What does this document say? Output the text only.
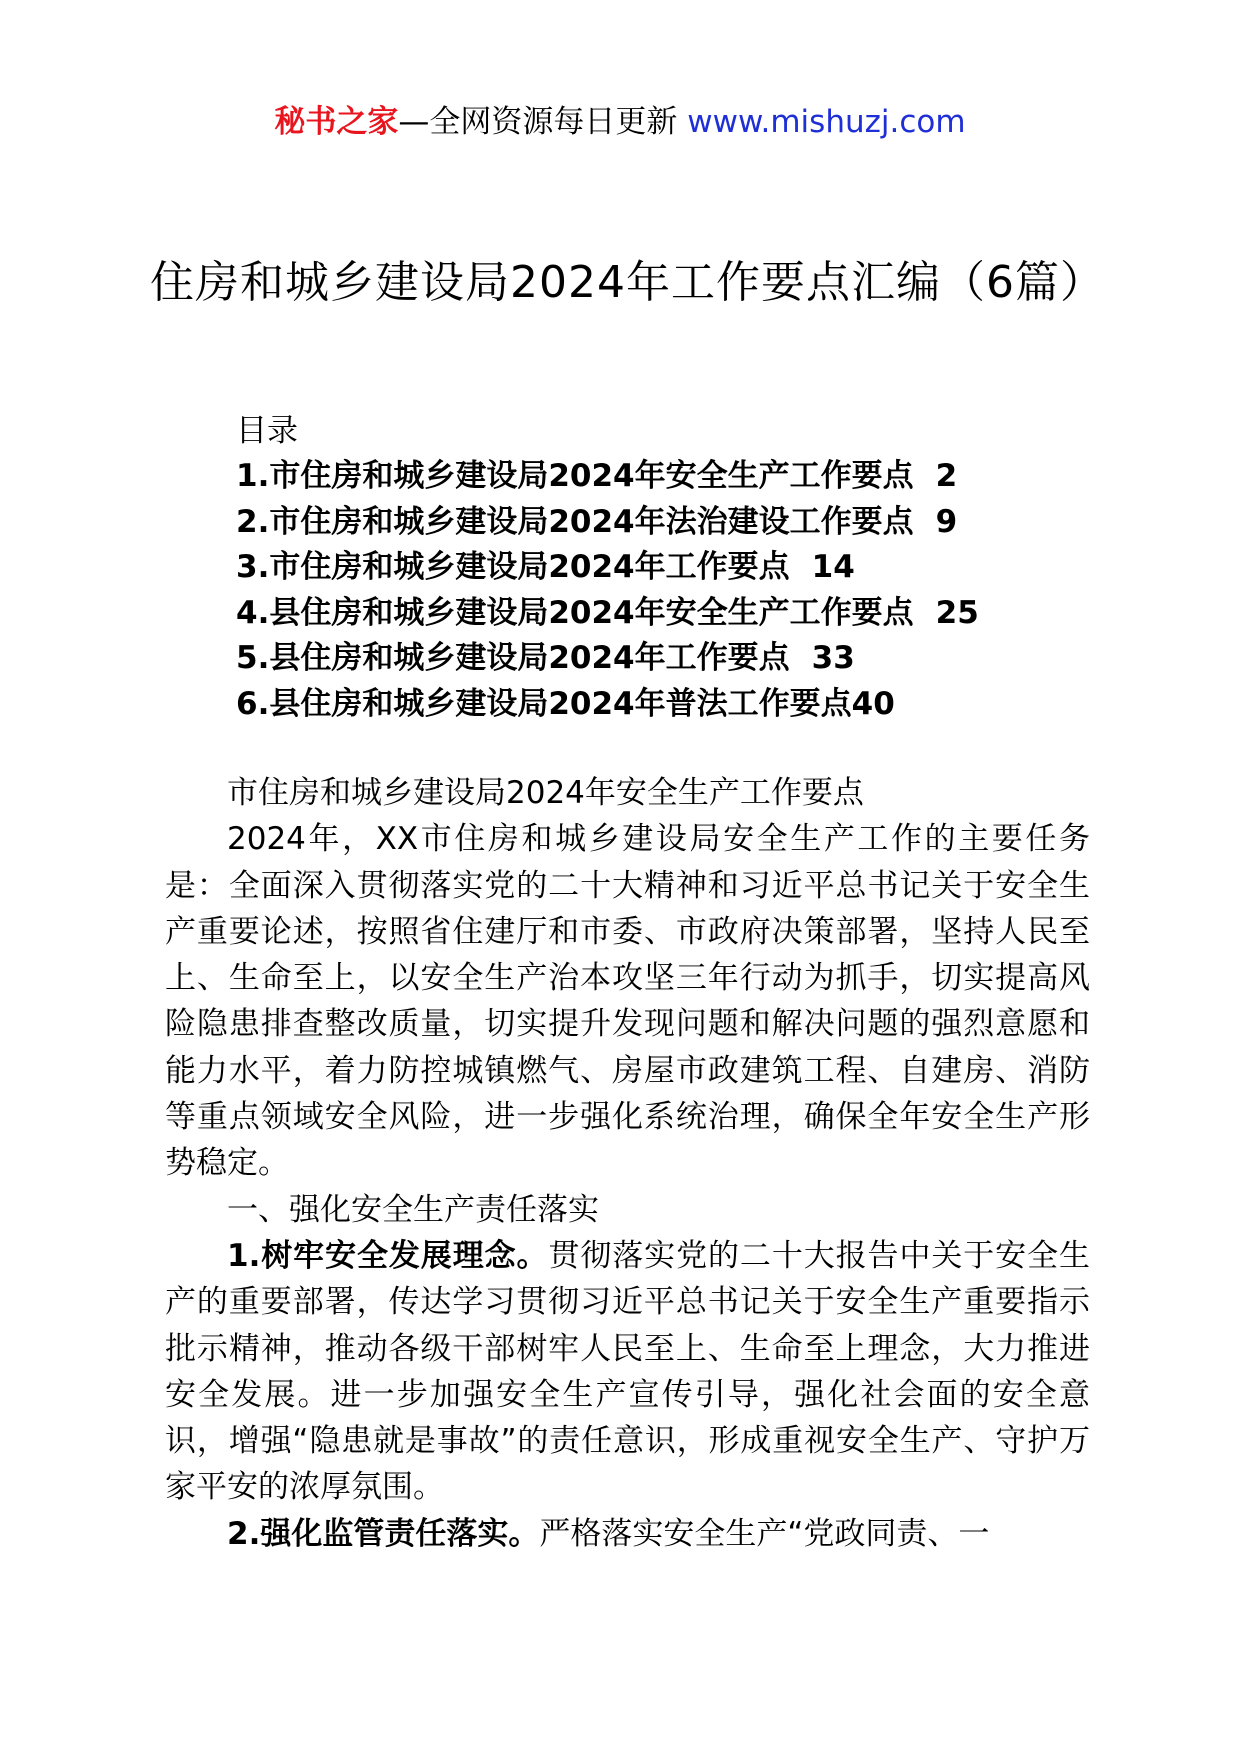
秘书之家—全网资源每日更新 www.mishuzj.com
住房和城乡建设局2024年工作要点汇编（6篇）
目录
1.市住房和城乡建设局2024年安全生产工作要点 2
2.市住房和城乡建设局2024年法治建设工作要点 9
3.市住房和城乡建设局2024年工作要点 14
4.县住房和城乡建设局2024年安全生产工作要点 25
5.县住房和城乡建设局2024年工作要点 33
6.县住房和城乡建设局2024年普法工作要点40

市住房和城乡建设局2024年安全生产工作要点

2024年，XX市住房和城乡建设局安全生产工作的主要任务是：全面深入贯彻落实党的二十大精神和习近平总书记关于安全生产重要论述，按照省住建厅和市委、市政府决策部署，坚持人民至上、生命至上，以安全生产治本攻坚三年行动为抓手，切实提高风险隐患排查整改质量，切实提升发现问题和解决问题的强烈意愿和能力水平，着力防控城镇燃气、房屋市政建筑工程、自建房、消防等重点领域安全风险，进一步强化系统治理，确保全年安全生产形势稳定。

一、强化安全生产责任落实

1.树牢安全发展理念。贯彻落实党的二十大报告中关于安全生产的重要部署，传达学习贯彻习近平总书记关于安全生产重要指示批示精神，推动各级干部树牢人民至上、生命至上理念，大力推进安全发展。进一步加强安全生产宣传引导，强化社会面的安全意识，增强“隐患就是事故”的责任意识，形成重视安全生产、守护万家平安的浓厚氛围。

2.强化监管责任落实。严格落实安全生产“党政同责、一
